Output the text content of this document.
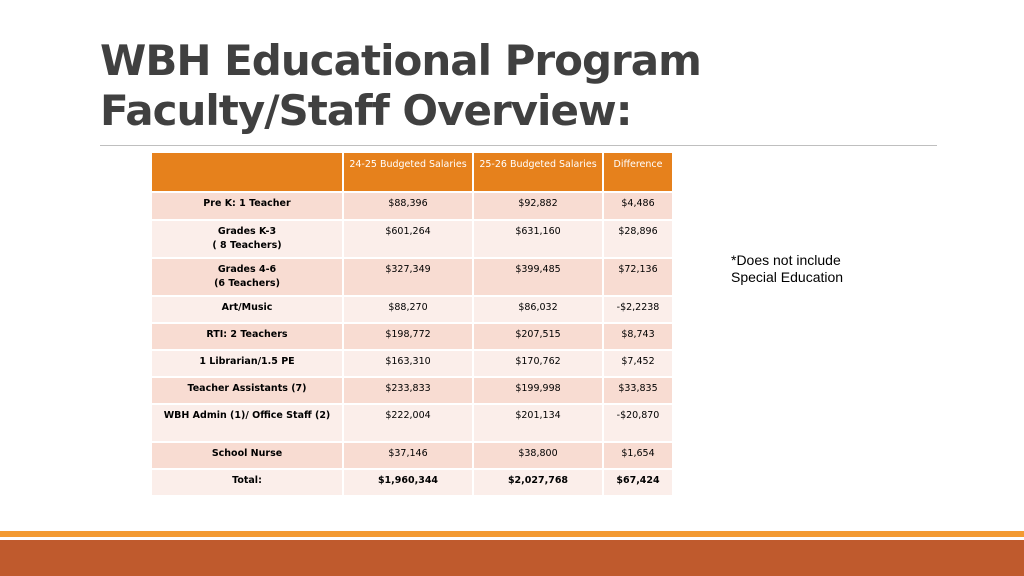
WBH Educational Program
Faculty/Staff Overview:
	24-25 Budgeted Salaries	25-26 Budgeted Salaries	Difference

Pre K: 1 Teacher	$88,396	$92,882	$4,486

Grades K-3
( 8 Teachers)	$601,264	$631,160	$28,896

Grades 4-6
(6 Teachers)	$327,349	$399,485	$72,136

Art/Music	$88,270	$86,032	-$2,2238

RTI: 2 Teachers	$198,772	$207,515	$8,743

1 Librarian/1.5 PE	$163,310	$170,762	$7,452

Teacher Assistants (7)	$233,833	$199,998	$33,835

WBH Admin (1)/ Office Staff (2)	$222,004	$201,134	-$20,870

School Nurse	$37,146	$38,800	$1,654

Total:	$1,960,344	$2,027,768	$67,424
*Does not include
Special Education
